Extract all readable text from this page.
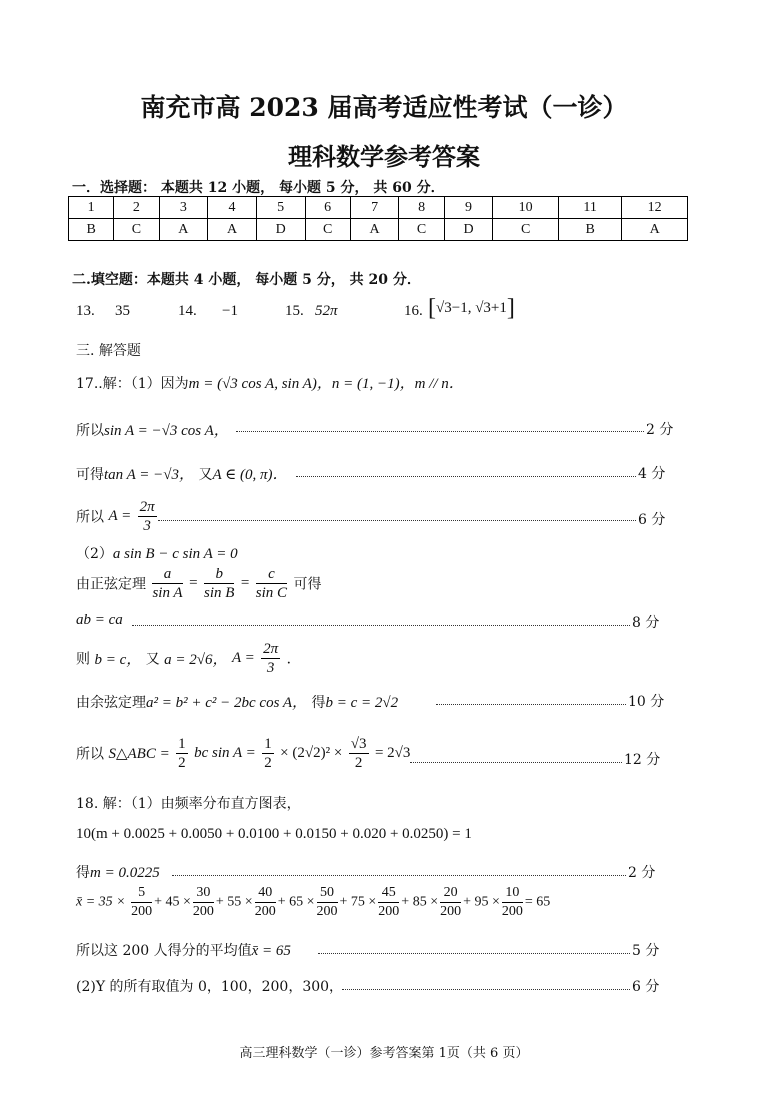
南充市高 2023 届高考适应性考试（一诊）
理科数学参考答案
一．选择题： 本题共 12 小题， 每小题 5 分， 共 60 分．
1	2	3	4	5	6	7	8	9	10	11	12
B	C	A	A	D	C	A	C	D	C	B	A
二.填空题：本题共 4 小题， 每小题 5 分， 共 20 分．
13. 35	14. −1	15. 52π	16. [√3−1, √3+1]
三. 解答题
17..解：（1）因为m = (√3 cos A, sin A)，n = (1, −1)，m // n．
所以sin A = −√3 cos A，	2 分
可得tan A = −√3， 又A ∈ (0, π)．	4 分
所以 $A = \frac{2\pi}{3}$	6 分
（2）a sin B − c sin A = 0
由正弦定理 $\frac{a}{\text{sin A}} = \frac{b}{\text{sin B}} = \frac{c}{\text{sin C}}$ 可得
ab = ca	8 分
则 b = c， 又 a = 2√6， $A = \frac{2\pi}{3}$ ．
由余弦定理a² = b² + c² − 2bc cos A， 得b = c = 2√2	10 分
所以 S△ABC = $\frac{1}{2}$ bc $\sin A = \frac{1}{2} \times (2√2)^2 \times \frac{√3}{2} = 2√3$	12 分
18. 解：（1）由频率分布直方图表，
10(m + 0.0025 + 0.0050 + 0.0100 + 0.0150 + 0.020 + 0.0250) = 1
得m = 0.0225	2 分
x̄ = $35 \times \frac{5}{200} + 45 \times \frac{30}{200} + 55 \times \frac{40}{200} + 65 \times \frac{50}{200} + 75 \times \frac{45}{200} + 85 \times \frac{20}{200} + 95 \times \frac{10}{200} = 65$
所以这 200 人得分的平均值x̄ = 65	5 分
(2)Y 的所有取值为 0，100，200，300，	6 分
高三理科数学（一诊）参考答案第 1页（共 6 页）
